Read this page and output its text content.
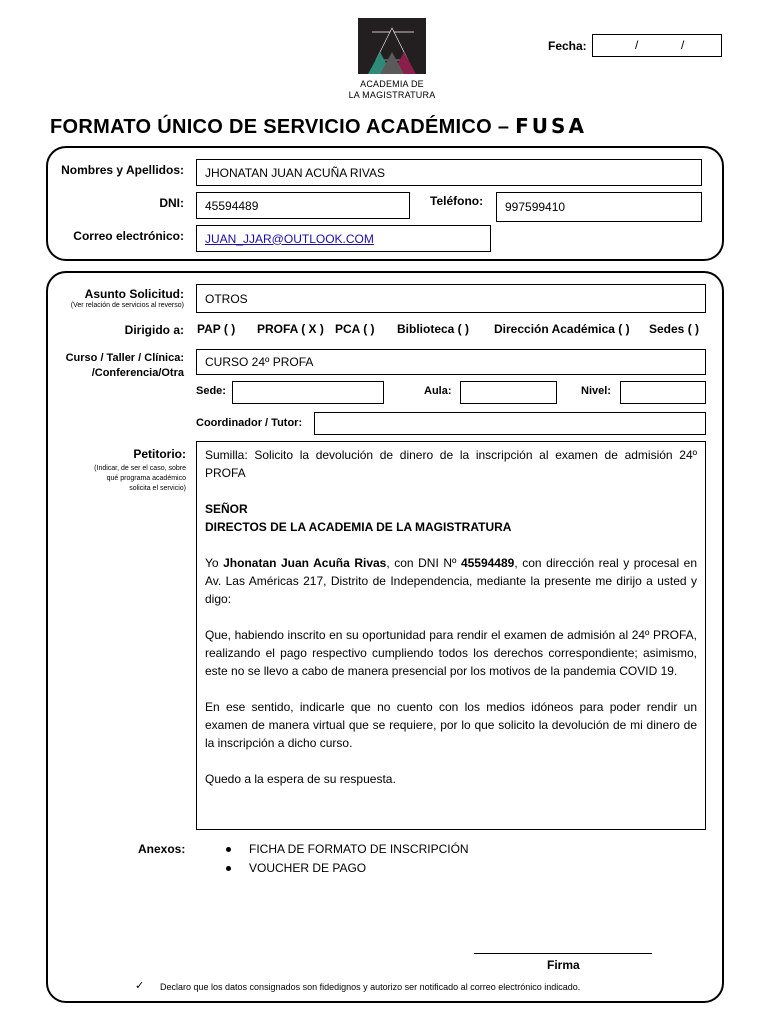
ACADEMIA DE
LA MAGISTRATURA
Fecha:	/	/
FORMATO ÚNICO DE SERVICIO ACADÉMICO – FUSA
Nombres y Apellidos:	JHONATAN JUAN ACUÑA RIVAS
DNI:	45594489	Teléfono:	997599410
Correo electrónico: JUAN_JJAR@OUTLOOK.COM
Asunto Solicitud:
(Ver relación de servicios al reverso)	OTROS
Dirigido a: PAP ( ) PROFA ( X ) PCA ( ) Biblioteca ( ) Dirección Académica ( ) Sedes ( )
Curso / Taller / Clínica:
/Conferencia/Otra
CURSO 24º PROFA
Sede:	Aula:	Nivel:
Coordinador / Tutor:
Petitorio:
(Indicar, de ser el caso, sobre
qué programa académico
solicita el servicio)

Sumilla: Solicito la devolución de dinero de la inscripción al examen de admisión 24º PROFA

SEÑOR
DIRECTOS DE LA ACADEMIA DE LA MAGISTRATURA

Yo Jhonatan Juan Acuña Rivas, con DNI Nº 45594489, con dirección real y procesal en Av. Las Américas 217, Distrito de Independencia, mediante la presente me dirijo a usted y digo:

Que, habiendo inscrito en su oportunidad para rendir el examen de admisión al 24º PROFA, realizando el pago respectivo cumpliendo todos los derechos correspondiente; asimismo, este no se llevo a cabo de manera presencial por los motivos de la pandemia COVID 19.

En ese sentido, indicarle que no cuento con los medios idóneos para poder rendir un examen de manera virtual que se requiere, por lo que solicito la devolución de mi dinero de la inscripción a dicho curso.

Quedo a la espera de su respuesta.

Anexos:	FICHA DE FORMATO DE INSCRIPCIÓN
VOUCHER DE PAGO
Firma
✓ Declaro que los datos consignados son fidedignos y autorizo ser notificado al correo electrónico indicado.
